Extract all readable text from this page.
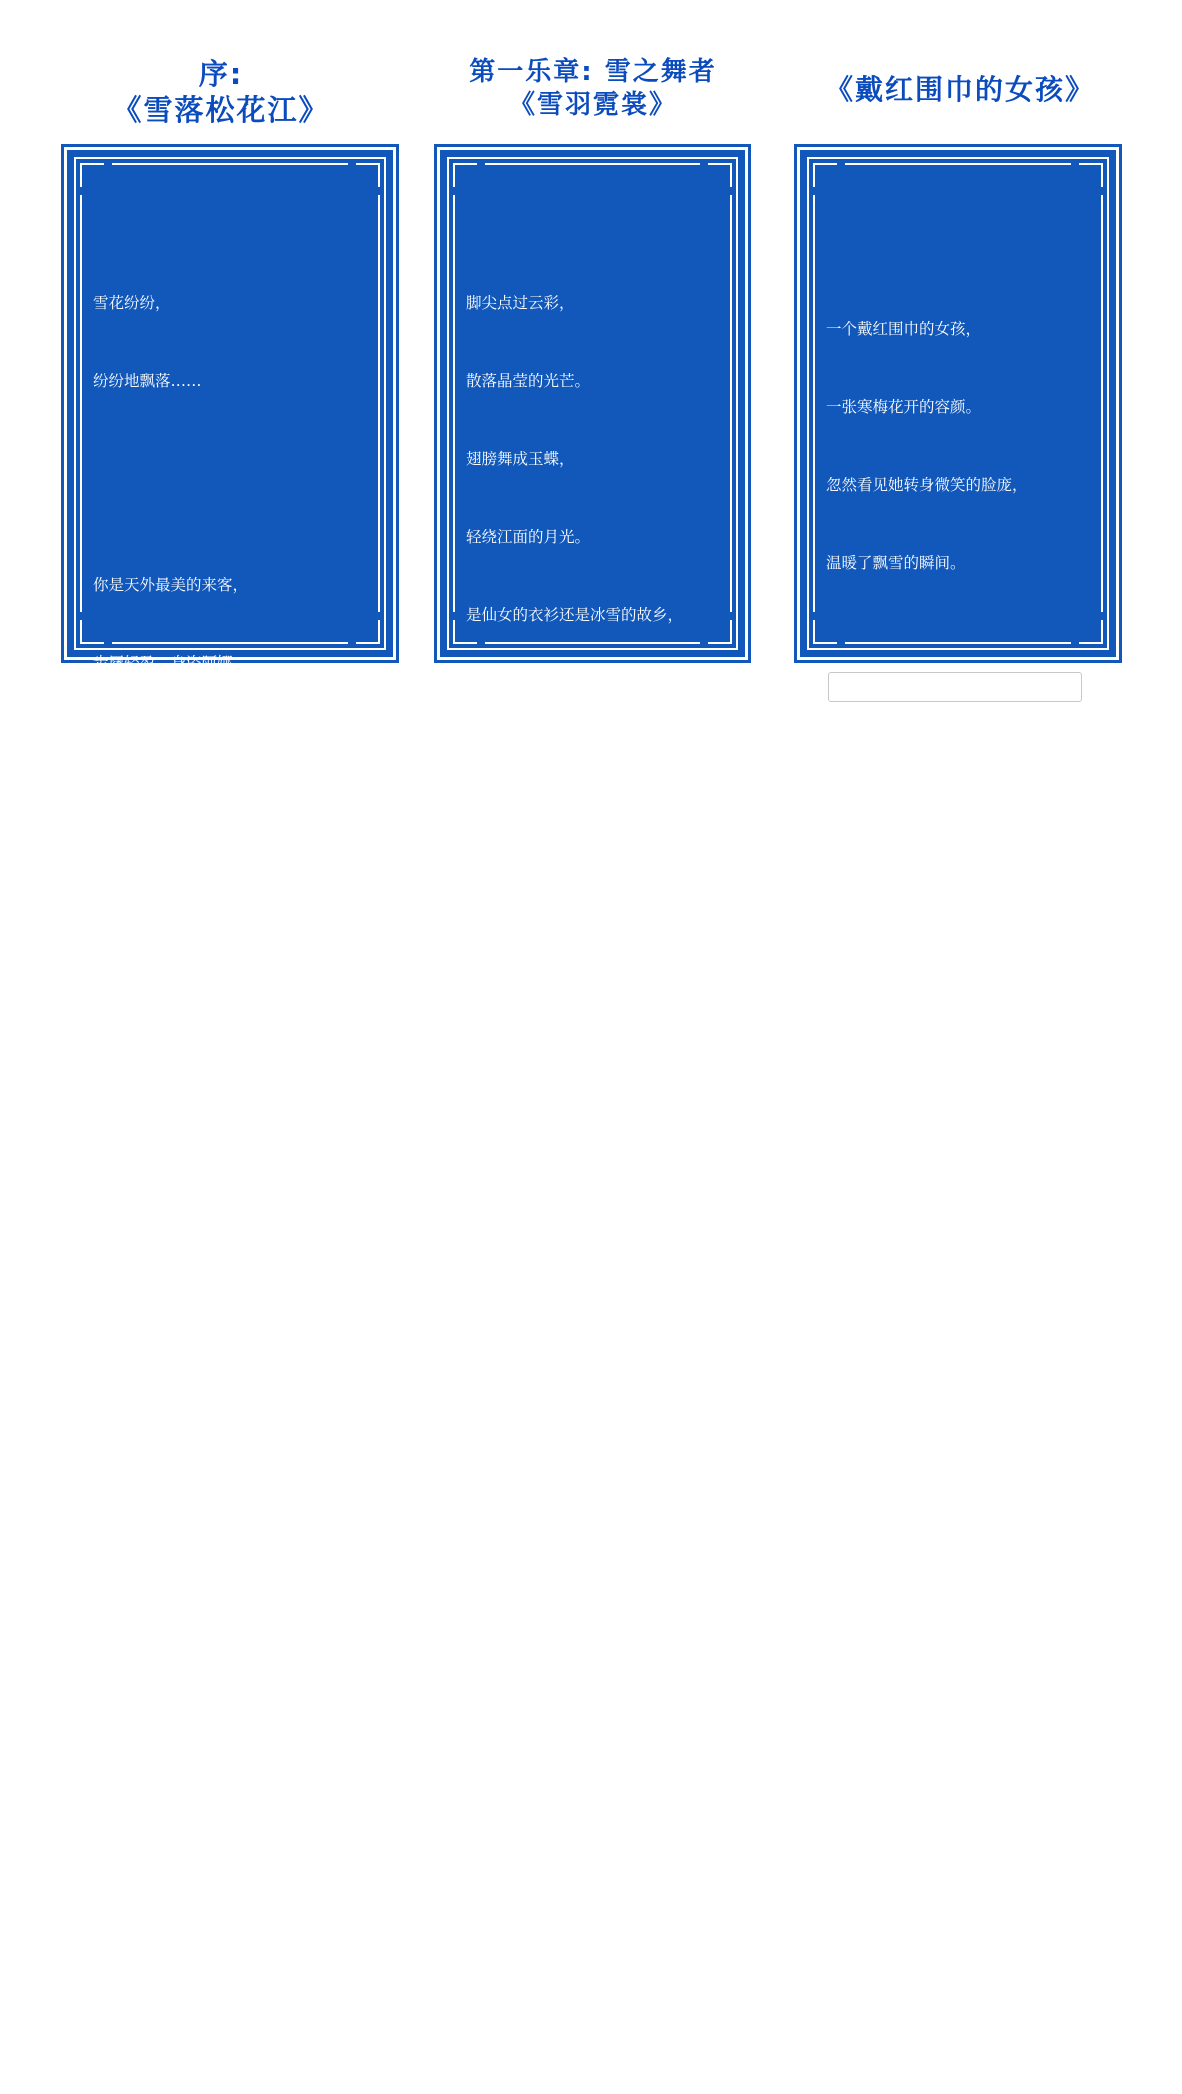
序:
《雪落松花江》

雪花纷纷，

纷纷地飘落……

你是天外最美的来客，

步屦轻盈，身姿阿娜。

你是梦中如约的重逢，

如此多情，如此急切。

你是天鹅飘落的绒花，

白了楼宇，漫了山野。

你是神女送来的请帖，

红了脸颊，美了眼婕。

雪落松花江，多少憧憬，

请跟我走进这美妙的世界。

雪落松花江，多少畅想，

让你我一起走进它神奇的传说。

雪花纷纷，

纷纷地飘落……。

第一乐章: 雪之舞者
《雪羽霓裳》

脚尖点过云彩，

散落晶莹的光芒。

翅膀舞成玉蝶，

轻绕江面的月光。

是仙女的衣衫还是冰雪的故乡，

你书写着松花江的情思绵长。

雪松换上新妆，

增添妩媚的诗行。

大地盛开冰花，

一片洁白的汪洋。

是冬天的密语还是洁白的高尚，

你为北方的天空铺展一片苍茫。

问故乡，

谁为你披上婚纱？

一身冰霜，

可是雪羽霓裳？

《戴红围巾的女孩》

一个戴红围巾的女孩，

一张寒梅花开的容颜。

忽然看见她转身微笑的脸庞，

温暖了飘雪的瞬间。

索菲亚教堂的钟声，

悠长了飘雪的深冬。

一群白鸽飞过紫色的穹顶，

女孩她抬起美丽的眼睛。

一个戴红围巾的女孩，

一枚盛开在雪国的庄严。

一个戴红围巾的女孩，

一抹跳动在白雪中的火焰。
